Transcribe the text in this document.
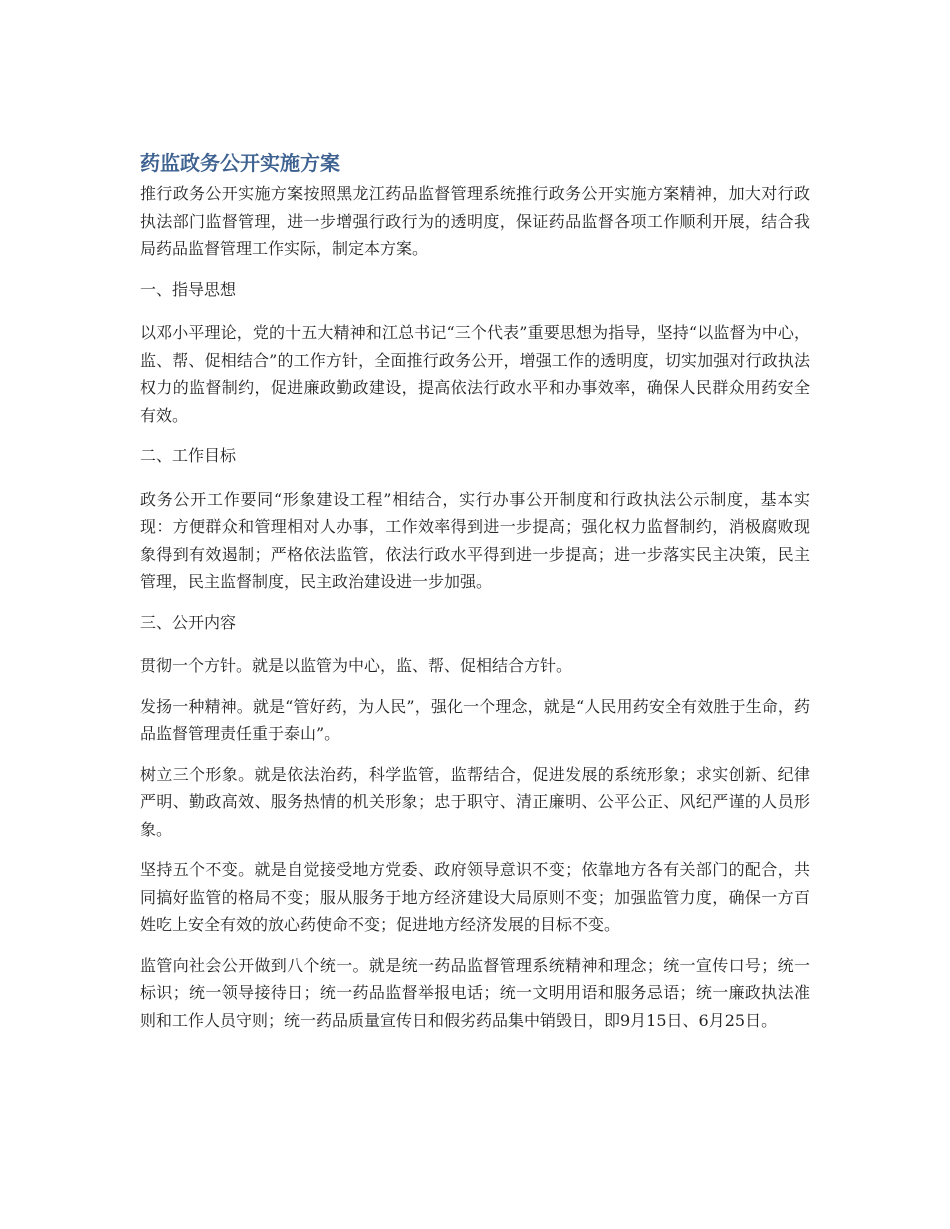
药监政务公开实施方案

推行政务公开实施方案按照黑龙江药品监督管理系统推行政务公开实施方案精神，加大对行政执法部门监督管理，进一步增强行政行为的透明度，保证药品监督各项工作顺利开展，结合我局药品监督管理工作实际，制定本方案。

一、指导思想

以邓小平理论，党的十五大精神和江总书记“三个代表”重要思想为指导，坚持“以监督为中心，监、帮、促相结合”的工作方针，全面推行政务公开，增强工作的透明度，切实加强对行政执法权力的监督制约，促进廉政勤政建设，提高依法行政水平和办事效率，确保人民群众用药安全有效。

二、工作目标

政务公开工作要同“形象建设工程”相结合，实行办事公开制度和行政执法公示制度，基本实现：方便群众和管理相对人办事，工作效率得到进一步提高；强化权力监督制约，消极腐败现象得到有效遏制；严格依法监管，依法行政水平得到进一步提高；进一步落实民主决策，民主管理，民主监督制度，民主政治建设进一步加强。

三、公开内容

贯彻一个方针。就是以监管为中心，监、帮、促相结合方针。

发扬一种精神。就是“管好药，为人民”，强化一个理念，就是“人民用药安全有效胜于生命，药品监督管理责任重于泰山”。

树立三个形象。就是依法治药，科学监管，监帮结合，促进发展的系统形象；求实创新、纪律严明、勤政高效、服务热情的机关形象；忠于职守、清正廉明、公平公正、风纪严谨的人员形象。

坚持五个不变。就是自觉接受地方党委、政府领导意识不变；依靠地方各有关部门的配合，共同搞好监管的格局不变；服从服务于地方经济建设大局原则不变；加强监管力度，确保一方百姓吃上安全有效的放心药使命不变；促进地方经济发展的目标不变。

监管向社会公开做到八个统一。就是统一药品监督管理系统精神和理念；统一宣传口号；统一标识；统一领导接待日；统一药品监督举报电话；统一文明用语和服务忌语；统一廉政执法准则和工作人员守则；统一药品质量宣传日和假劣药品集中销毁日，即9月15日、6月25日。
